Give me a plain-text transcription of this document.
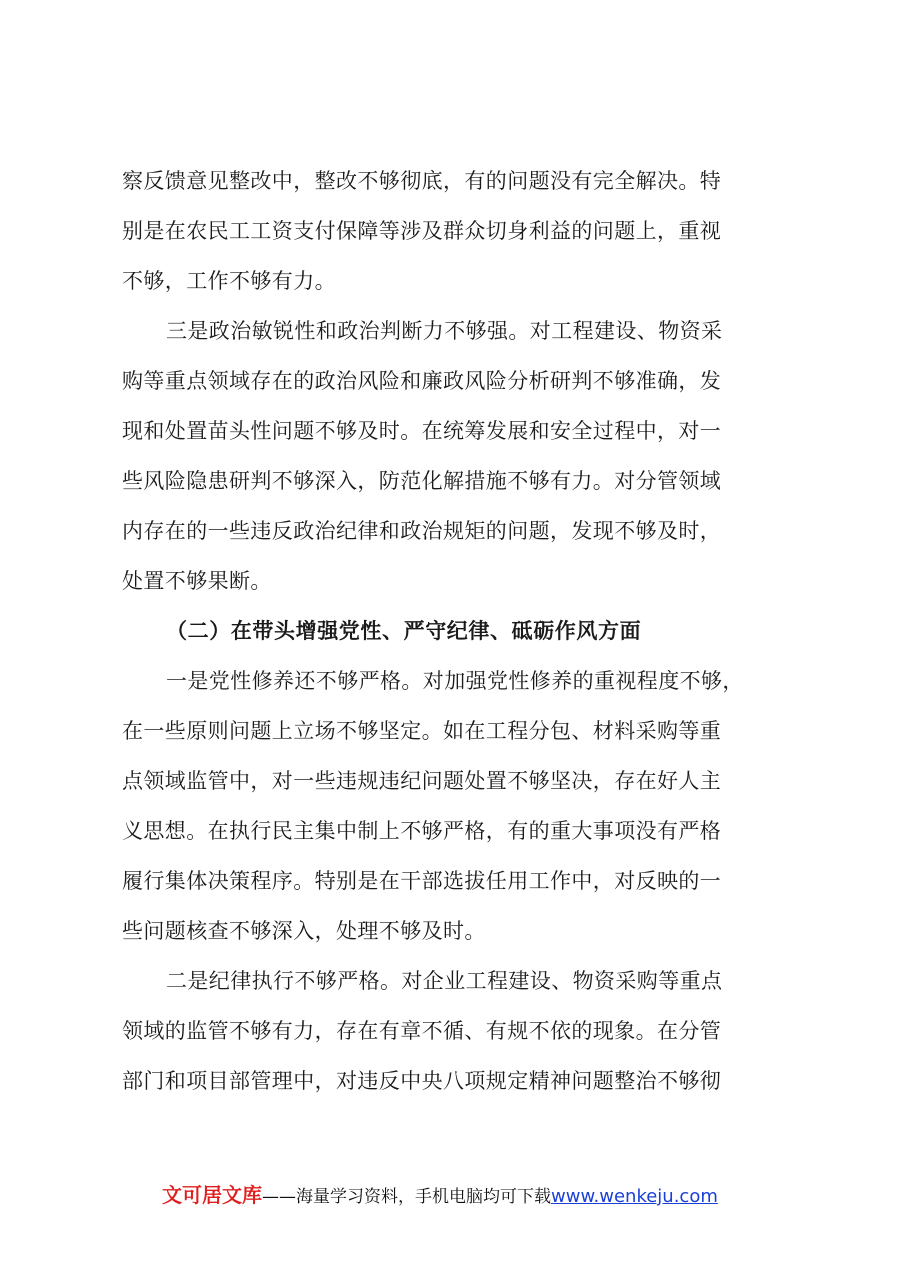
察反馈意见整改中，整改不够彻底，有的问题没有完全解决。特
别是在农民工工资支付保障等涉及群众切身利益的问题上，重视
不够，工作不够有力。
三是政治敏锐性和政治判断力不够强。对工程建设、物资采
购等重点领域存在的政治风险和廉政风险分析研判不够准确，发
现和处置苗头性问题不够及时。在统筹发展和安全过程中，对一
些风险隐患研判不够深入，防范化解措施不够有力。对分管领域
内存在的一些违反政治纪律和政治规矩的问题，发现不够及时，
处置不够果断。
（二）在带头增强党性、严守纪律、砥砺作风方面
一是党性修养还不够严格。对加强党性修养的重视程度不够，
在一些原则问题上立场不够坚定。如在工程分包、材料采购等重
点领域监管中，对一些违规违纪问题处置不够坚决，存在好人主
义思想。在执行民主集中制上不够严格，有的重大事项没有严格
履行集体决策程序。特别是在干部选拔任用工作中，对反映的一
些问题核查不够深入，处理不够及时。
二是纪律执行不够严格。对企业工程建设、物资采购等重点
领域的监管不够有力，存在有章不循、有规不依的现象。在分管
部门和项目部管理中，对违反中央八项规定精神问题整治不够彻
文可居文库——海量学习资料，手机电脑均可下载www.wenkeju.com
